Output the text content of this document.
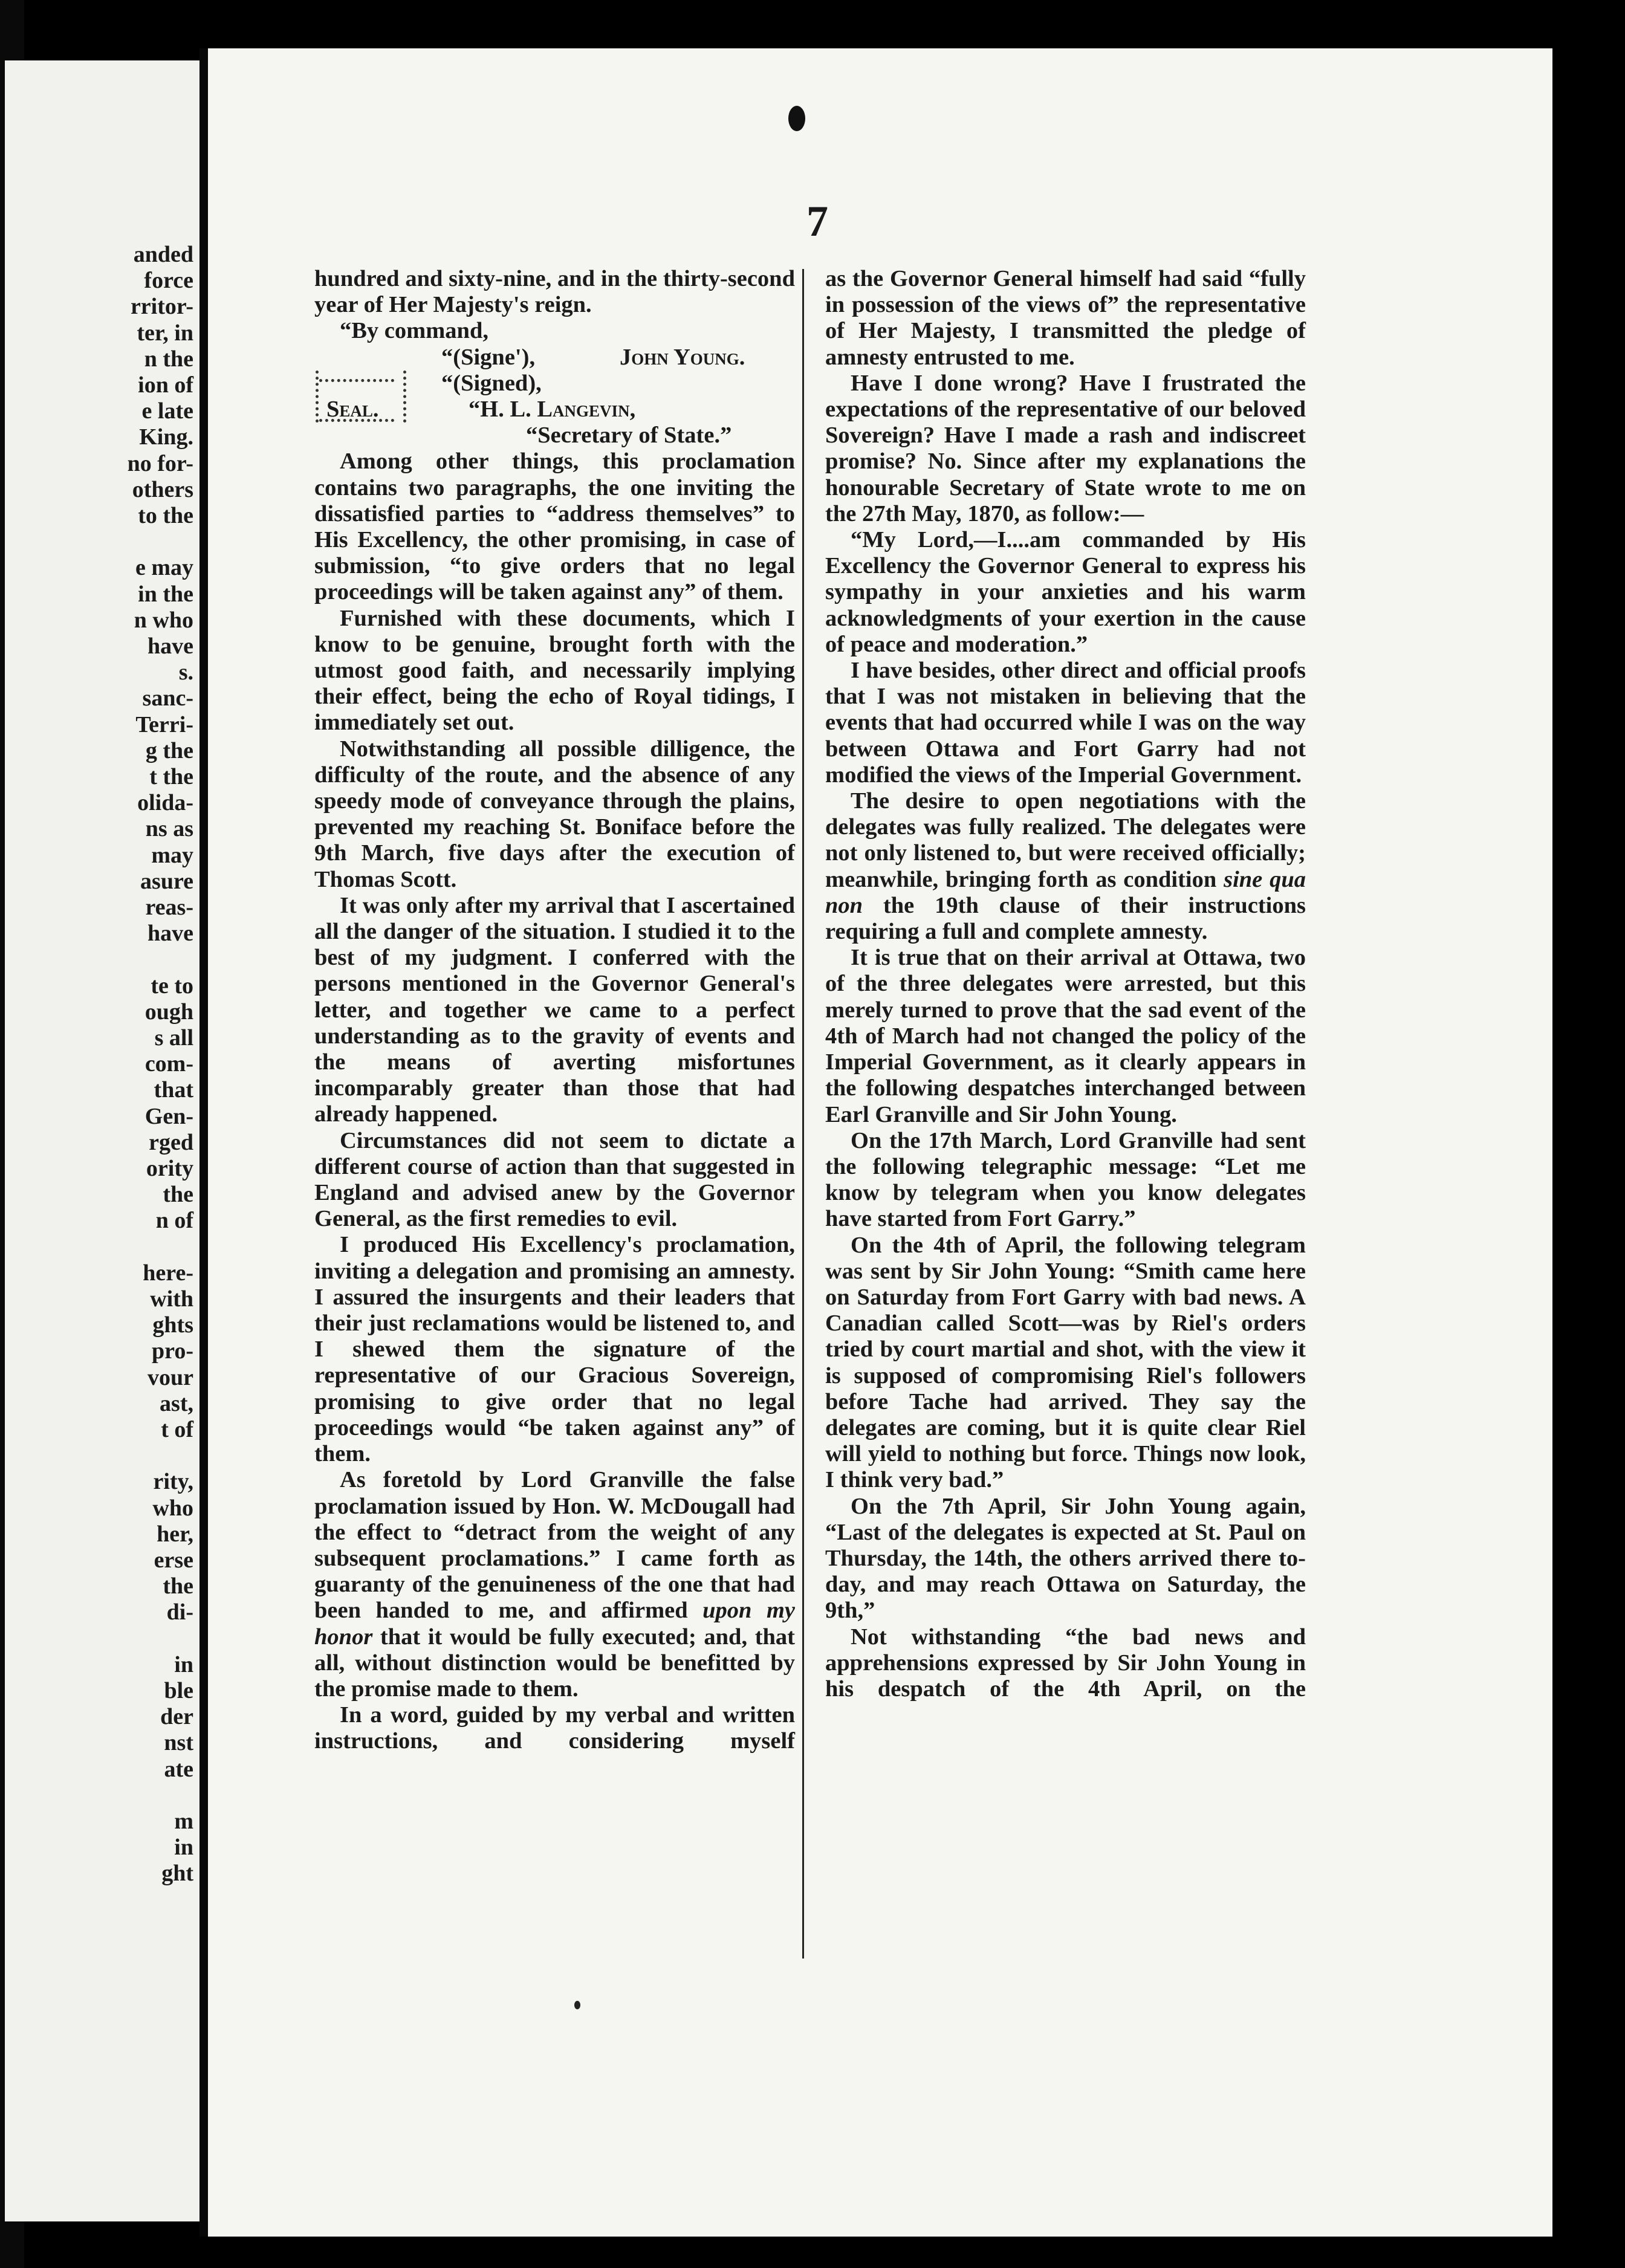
anded
force
rritor-
ter, in
n the
ion of
e late
King.
no for-
others
to the
e may
in the
n who
have
s.
sanc-
Terri-
g the
t the
olida-
ns as
may
asure
reas-
have
te to
ough
s all
com-
that
Gen-
rged
ority
the
n of
here-
with
ghts
pro-
vour
ast,
t of
rity,
who
her,
erse
the
di-
in
ble
der
nst
ate
m
in
ght
7

hundred and sixty-nine, and in the thirty-second year of Her Majesty's reign.

“By command,

“(Signe'),	John Young.
“(Signed),
Seal.	“H. L. Langevin,
“Secretary of State.”

Among other things, this proclamation contains two paragraphs, the one inviting the dissatisfied parties to “address themselves” to His Excellency, the other promising, in case of submission, “to give orders that no legal proceedings will be taken against any” of them.

Furnished with these documents, which I know to be genuine, brought forth with the utmost good faith, and necessarily implying their effect, being the echo of Royal tidings, I immediately set out.

Notwithstanding all possible dilligence, the difficulty of the route, and the absence of any speedy mode of conveyance through the plains, prevented my reaching St. Boniface before the 9th March, five days after the execution of Thomas Scott.

It was only after my arrival that I ascertained all the danger of the situation. I studied it to the best of my judgment. I conferred with the persons mentioned in the Governor General's letter, and together we came to a perfect understanding as to the gravity of events and the means of averting misfortunes incomparably greater than those that had already happened.

Circumstances did not seem to dictate a different course of action than that suggested in England and advised anew by the Governor General, as the first remedies to evil.

I produced His Excellency's proclamation, inviting a delegation and promising an amnesty. I assured the insurgents and their leaders that their just reclamations would be listened to, and I shewed them the signature of the representative of our Gracious Sovereign, promising to give order that no legal proceedings would “be taken against any” of them.

As foretold by Lord Granville the false proclamation issued by Hon. W. McDougall had the effect to “detract from the weight of any subsequent proclamations.” I came forth as guaranty of the genuineness of the one that had been handed to me, and affirmed upon my honor that it would be fully executed; and, that all, without distinction would be benefitted by the promise made to them.

In a word, guided by my verbal and written instructions, and considering myself

as the Governor General himself had said “fully in possession of the views of” the representative of Her Majesty, I transmitted the pledge of amnesty entrusted to me.

Have I done wrong? Have I frustrated the expectations of the representative of our beloved Sovereign? Have I made a rash and indiscreet promise? No. Since after my explanations the honourable Secretary of State wrote to me on the 27th May, 1870, as follow:—

“My Lord,—I....am commanded by His Excellency the Governor General to express his sympathy in your anxieties and his warm acknowledgments of your exertion in the cause of peace and moderation.”

I have besides, other direct and official proofs that I was not mistaken in believing that the events that had occurred while I was on the way between Ottawa and Fort Garry had not modified the views of the Imperial Government.

The desire to open negotiations with the delegates was fully realized. The delegates were not only listened to, but were received officially; meanwhile, bringing forth as condition sine qua non the 19th clause of their instructions requiring a full and complete amnesty.

It is true that on their arrival at Ottawa, two of the three delegates were arrested, but this merely turned to prove that the sad event of the 4th of March had not changed the policy of the Imperial Government, as it clearly appears in the following despatches interchanged between Earl Granville and Sir John Young.

On the 17th March, Lord Granville had sent the following telegraphic message: “Let me know by telegram when you know delegates have started from Fort Garry.”

On the 4th of April, the following telegram was sent by Sir John Young: “Smith came here on Saturday from Fort Garry with bad news. A Canadian called Scott—was by Riel's orders tried by court martial and shot, with the view it is supposed of compromising Riel's followers before Tache had arrived. They say the delegates are coming, but it is quite clear Riel will yield to nothing but force. Things now look, I think very bad.”

On the 7th April, Sir John Young again, “Last of the delegates is expected at St. Paul on Thursday, the 14th, the others arrived there to-day, and may reach Ottawa on Saturday, the 9th,”

Not withstanding “the bad news and apprehensions expressed by Sir John Young in his despatch of the 4th April, on the
